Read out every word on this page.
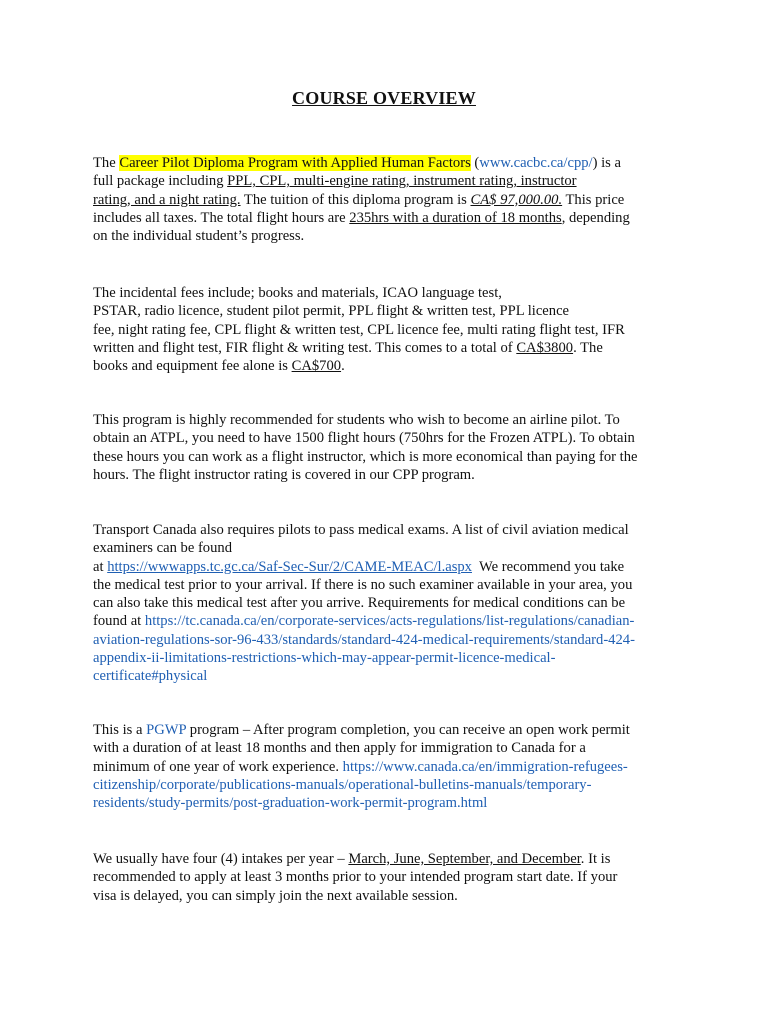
COURSE OVERVIEW
The Career Pilot Diploma Program with Applied Human Factors (www.cacbc.ca/cpp/) is a
full package including PPL, CPL, multi-engine rating, instrument rating, instructor
rating, and a night rating. The tuition of this diploma program is CA$ 97,000.00. This price
includes all taxes. The total flight hours are 235hrs with a duration of 18 months, depending
on the individual student’s progress.
The incidental fees include; books and materials, ICAO language test,
PSTAR, radio licence, student pilot permit, PPL flight & written test, PPL licence
fee, night rating fee, CPL flight & written test, CPL licence fee, multi rating flight test, IFR
written and flight test, FIR flight & writing test. This comes to a total of CA$3800. The
books and equipment fee alone is CA$700.
This program is highly recommended for students who wish to become an airline pilot. To
obtain an ATPL, you need to have 1500 flight hours (750hrs for the Frozen ATPL). To obtain
these hours you can work as a flight instructor, which is more economical than paying for the
hours. The flight instructor rating is covered in our CPP program.
Transport Canada also requires pilots to pass medical exams. A list of civil aviation medical
examiners can be found
at https://wwwapps.tc.gc.ca/Saf-Sec-Sur/2/CAME-MEAC/l.aspx  We recommend you take
the medical test prior to your arrival. If there is no such examiner available in your area, you
can also take this medical test after you arrive. Requirements for medical conditions can be
found at https://tc.canada.ca/en/corporate-services/acts-regulations/list-regulations/canadian-
aviation-regulations-sor-96-433/standards/standard-424-medical-requirements/standard-424-
appendix-ii-limitations-restrictions-which-may-appear-permit-licence-medical-
certificate#physical
This is a PGWP program – After program completion, you can receive an open work permit
with a duration of at least 18 months and then apply for immigration to Canada for a
minimum of one year of work experience. https://www.canada.ca/en/immigration-refugees-
citizenship/corporate/publications-manuals/operational-bulletins-manuals/temporary-
residents/study-permits/post-graduation-work-permit-program.html
We usually have four (4) intakes per year – March, June, September, and December. It is
recommended to apply at least 3 months prior to your intended program start date. If your
visa is delayed, you can simply join the next available session.
